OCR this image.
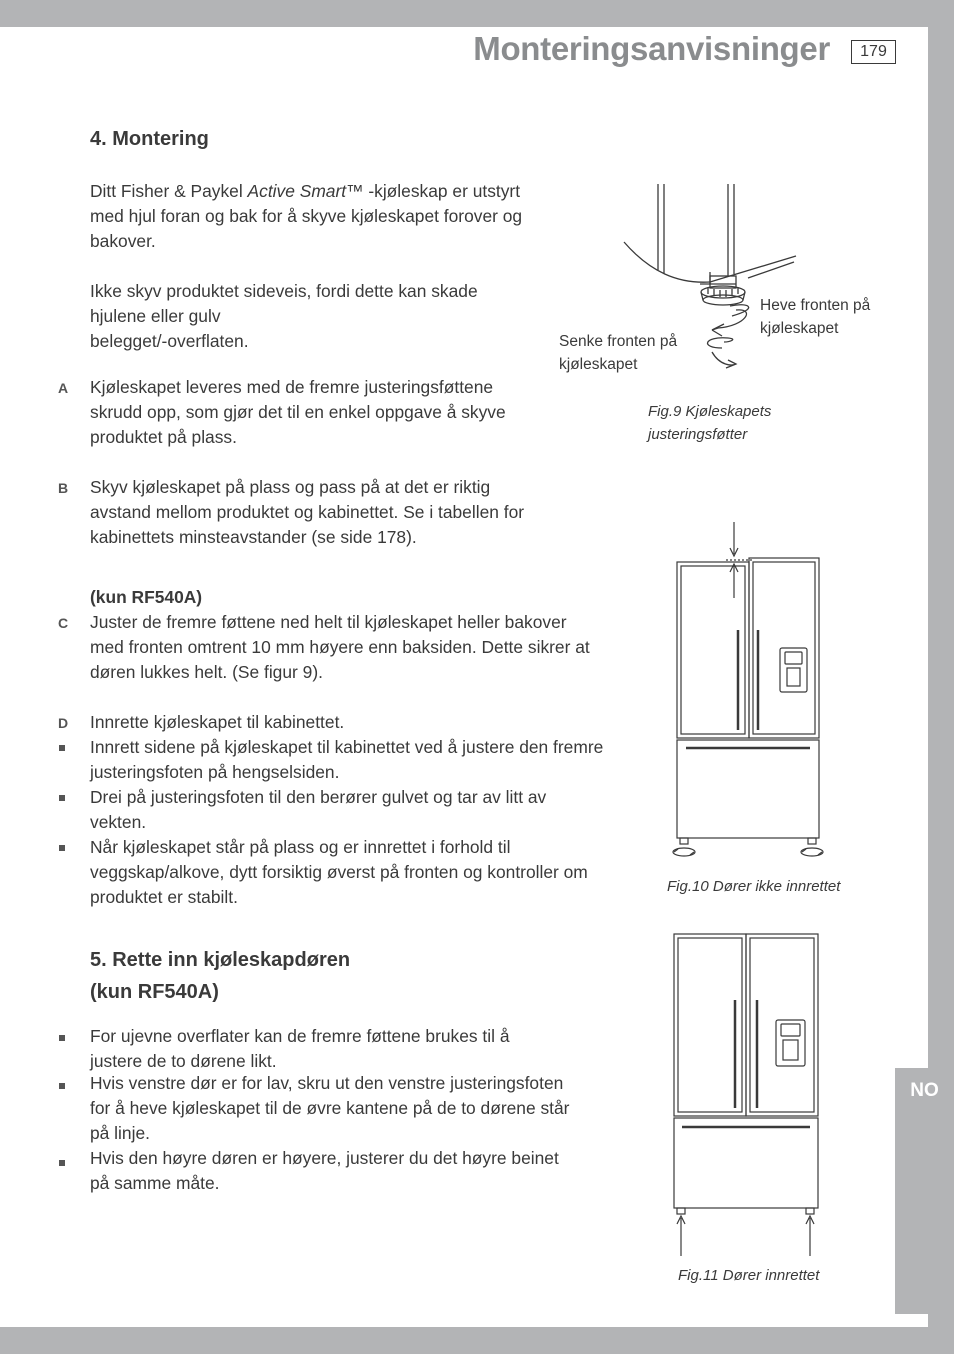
NO
Monteringsanvisninger	179
4. Montering

Ditt Fisher & Paykel Active Smart™ -kjøleskap er utstyrt med hjul foran og bak for å skyve kjøleskapet forover og bakover.

Ikke skyv produktet sideveis, fordi dette kan skade hjulene eller gulv
belegget/-overflaten.

A Kjøleskapet leveres med de fremre justeringsføttene skrudd opp, som gjør det til en enkel oppgave å skyve produktet på plass.

B Skyv kjøleskapet på plass og pass på at det er riktig avstand mellom produktet og kabinettet. Se i tabellen for kabinettets minsteavstander (se side 178).

(kun RF540A)

C Juster de fremre føttene ned helt til kjøleskapet heller bakover med fronten omtrent 10 mm høyere enn baksiden. Dette sikrer at døren lukkes helt. (Se figur 9).

D Innrette kjøleskapet til kabinettet.

Innrett sidene på kjøleskapet til kabinettet ved å justere den fremre justeringsfoten på hengselsiden.

Drei på justeringsfoten til den berører gulvet og tar av litt av vekten.

Når kjøleskapet står på plass og er innrettet i forhold til veggskap/alkove, dytt forsiktig øverst på fronten og kontroller om produktet er stabilt.

5. Rette inn kjøleskapdøren
(kun RF540A)

For ujevne overflater kan de fremre føttene brukes til å justere de to dørene likt.

Hvis venstre dør er for lav, skru ut den venstre justeringsfoten for å heve kjøleskapet til de øvre kantene på de to dørene står på linje.

Hvis den høyre døren er høyere, justerer du det høyre beinet på samme måte.

Heve fronten på kjøleskapet
Senke fronten på kjøleskapet
Fig.9 Kjøleskapets justeringsføtter
Fig.10 Dører ikke innrettet
Fig.11 Dører innrettet
